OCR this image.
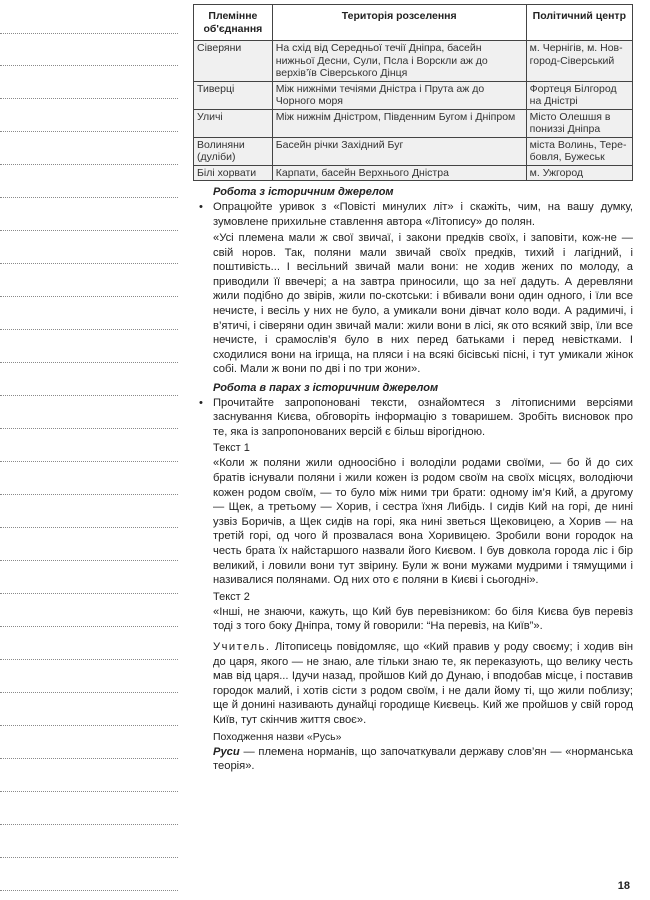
Племінне об'єднання	Територія розселення	Політичний центр
Сiверяни	На схід від Середньої течії Дніпра, басейн нижньої Десни, Сули, Псла і Ворскли аж до верхів’їв Сіверського Дінця	м. Чернігів, м. Нов-город-Сіверський
Тиверцi	Між нижніми течіями Дністра і Прута аж до Чорного моря	Фортеця Білгород на Дністрі
Уличi	Між нижнім Дністром, Південним Бугом і Дніпром	Місто Олешшя в пониззі Дніпра
Волиняни (дулiби)	Басейн річки Західний Буг	міста Волинь, Тере-бовля, Бужеськ
Білі хорвати	Карпати, басейн Верхнього Дністра	м. Ужгород
Робота з історичним джерелом
• Опрацюйте уривок з «Повісті минулих літ» і скажіть, чим, на вашу думку, зумовлене прихильне ставлення автора «Літопису» до полян.
«Усі племена мали ж свої звичаї, і закони предків своїх, і заповіти, кож-не — свій норов. Так, поляни мали звичай своїх предків, тихий і лагідний, і поштивість... І весільний звичай мали вони: не ходив жених по молоду, а приводили її ввечері; а на завтра приносили, що за неї дадуть. А деревляни жили подібно до звірів, жили по-скотськи: і вбивали вони один одного, і їли все нечисте, і весіль у них не було, а умикали вони дівчат коло води. А радимичі, і в’ятичі, і сіверяни один звичай мали: жили вони в лісі, як ото всякий звір, їли все нечисте, і срамослів’я було в них перед батьками і перед невістками. І сходилися вони на ігрища, на пляси і на всякі бісівські пісні, і тут умикали жінок собі. Мали ж вони по дві і по три жони».
Робота в парах з історичним джерелом
• Прочитайте запропоновані тексти, ознайомтеся з літописними версіями заснування Києва, обговоріть інформацію з товаришем. Зробіть висновок про те, яка із запропонованих версій є більш вірогідною.
Текст 1
«Коли ж поляни жили одноосібно і володіли родами своїми, — бо й до сих братів існували поляни і жили кожен із родом своїм на своїх місцях, володіючи кожен родом своїм, — то було між ними три брати: одному ім’я Кий, а другому — Щек, а третьому — Хорив, і сестра їхня Либідь. І сидів Кий на горі, де нині узвіз Боричів, а Щек сидів на горі, яка нині зветься Щековицею, а Хорив — на третій горі, од чого й прозвалася вона Хоривицею. Зробили вони городок на честь брата їх найстаршого назвали його Києвом. І був довкола города ліс і бір великий, і ловили вони тут звірину. Були ж вони мужами мудрими і тямущими і називалися полянами. Од них ото є поляни в Києві і сьогодні».
Текст 2
«Інші, не знаючи, кажуть, що Кий був перевізником: бо біля Києва був перевіз тоді з того боку Дніпра, тому й говорили: “На перевіз, на Київ”».
Учитель. Літописець повідомляє, що «Кий правив у роду своєму; і ходив він до царя, якого — не знаю, але тільки знаю те, як переказують, що велику честь мав від царя... Ідучи назад, пройшов Кий до Дунаю, і вподобав місце, і поставив городок малий, і хотів сісти з родом своїм, і не дали йому ті, що жили поблизу; ще й донині називають дунайці городище Києвець. Кий же пройшов у свій город Київ, тут скінчив життя своє».
Походження назви «Русь»
Руси — племена норманів, що започаткували державу слов’ян — «норманська теорія».
18
